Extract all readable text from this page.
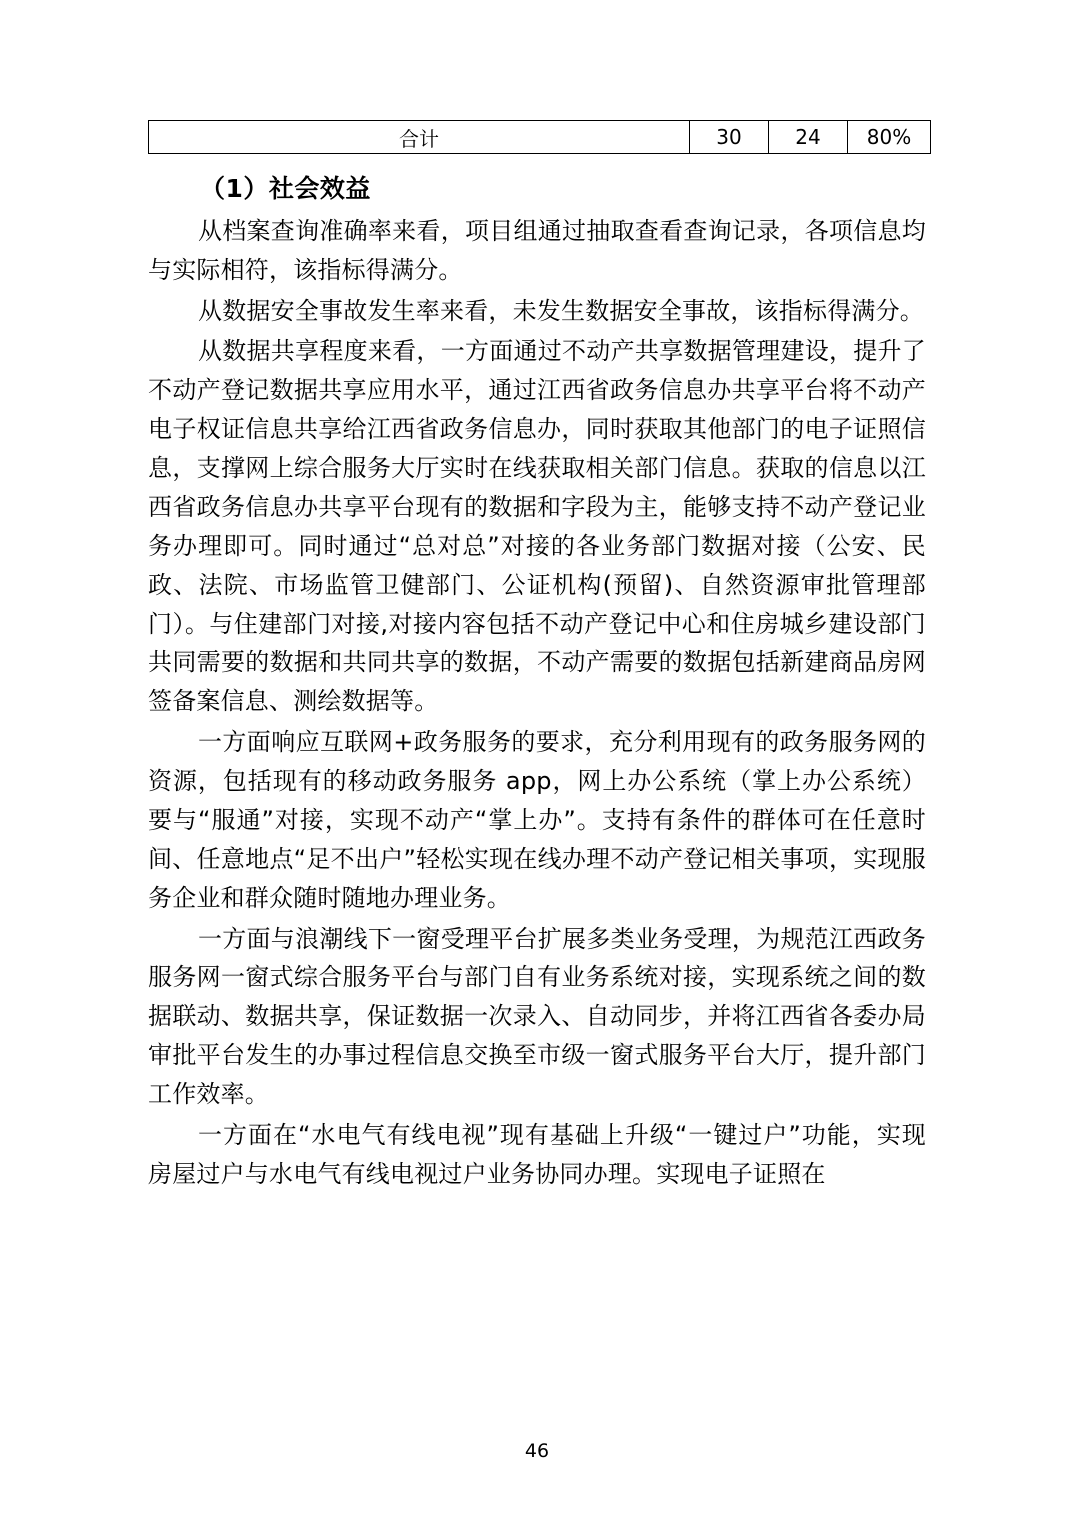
合计	30	24	80%
（1）社会效益

从档案查询准确率来看，项目组通过抽取查看查询记录，各项信息均与实际相符，该指标得满分。

从数据安全事故发生率来看，未发生数据安全事故，该指标得满分。

从数据共享程度来看，一方面通过不动产共享数据管理建设，提升了不动产登记数据共享应用水平，通过江西省政务信息办共享平台将不动产电子权证信息共享给江西省政务信息办，同时获取其他部门的电子证照信息，支撑网上综合服务大厅实时在线获取相关部门信息。获取的信息以江西省政务信息办共享平台现有的数据和字段为主，能够支持不动产登记业务办理即可。同时通过“总对总”对接的各业务部门数据对接（公安、民政、法院、市场监管卫健部门、公证机构(预留)、自然资源审批管理部门）。与住建部门对接,对接内容包括不动产登记中心和住房城乡建设部门共同需要的数据和共同共享的数据，不动产需要的数据包括新建商品房网签备案信息、测绘数据等。

一方面响应互联网+政务服务的要求，充分利用现有的政务服务网的资源，包括现有的移动政务服务 app，网上办公系统（掌上办公系统）要与“服通”对接，实现不动产“掌上办”。支持有条件的群体可在任意时间、任意地点“足不出户”轻松实现在线办理不动产登记相关事项，实现服务企业和群众随时随地办理业务。

一方面与浪潮线下一窗受理平台扩展多类业务受理，为规范江西政务服务网一窗式综合服务平台与部门自有业务系统对接，实现系统之间的数据联动、数据共享，保证数据一次录入、自动同步，并将江西省各委办局审批平台发生的办事过程信息交换至市级一窗式服务平台大厅，提升部门工作效率。

一方面在“水电气有线电视”现有基础上升级“一键过户”功能，实现房屋过户与水电气有线电视过户业务协同办理。实现电子证照在

46
